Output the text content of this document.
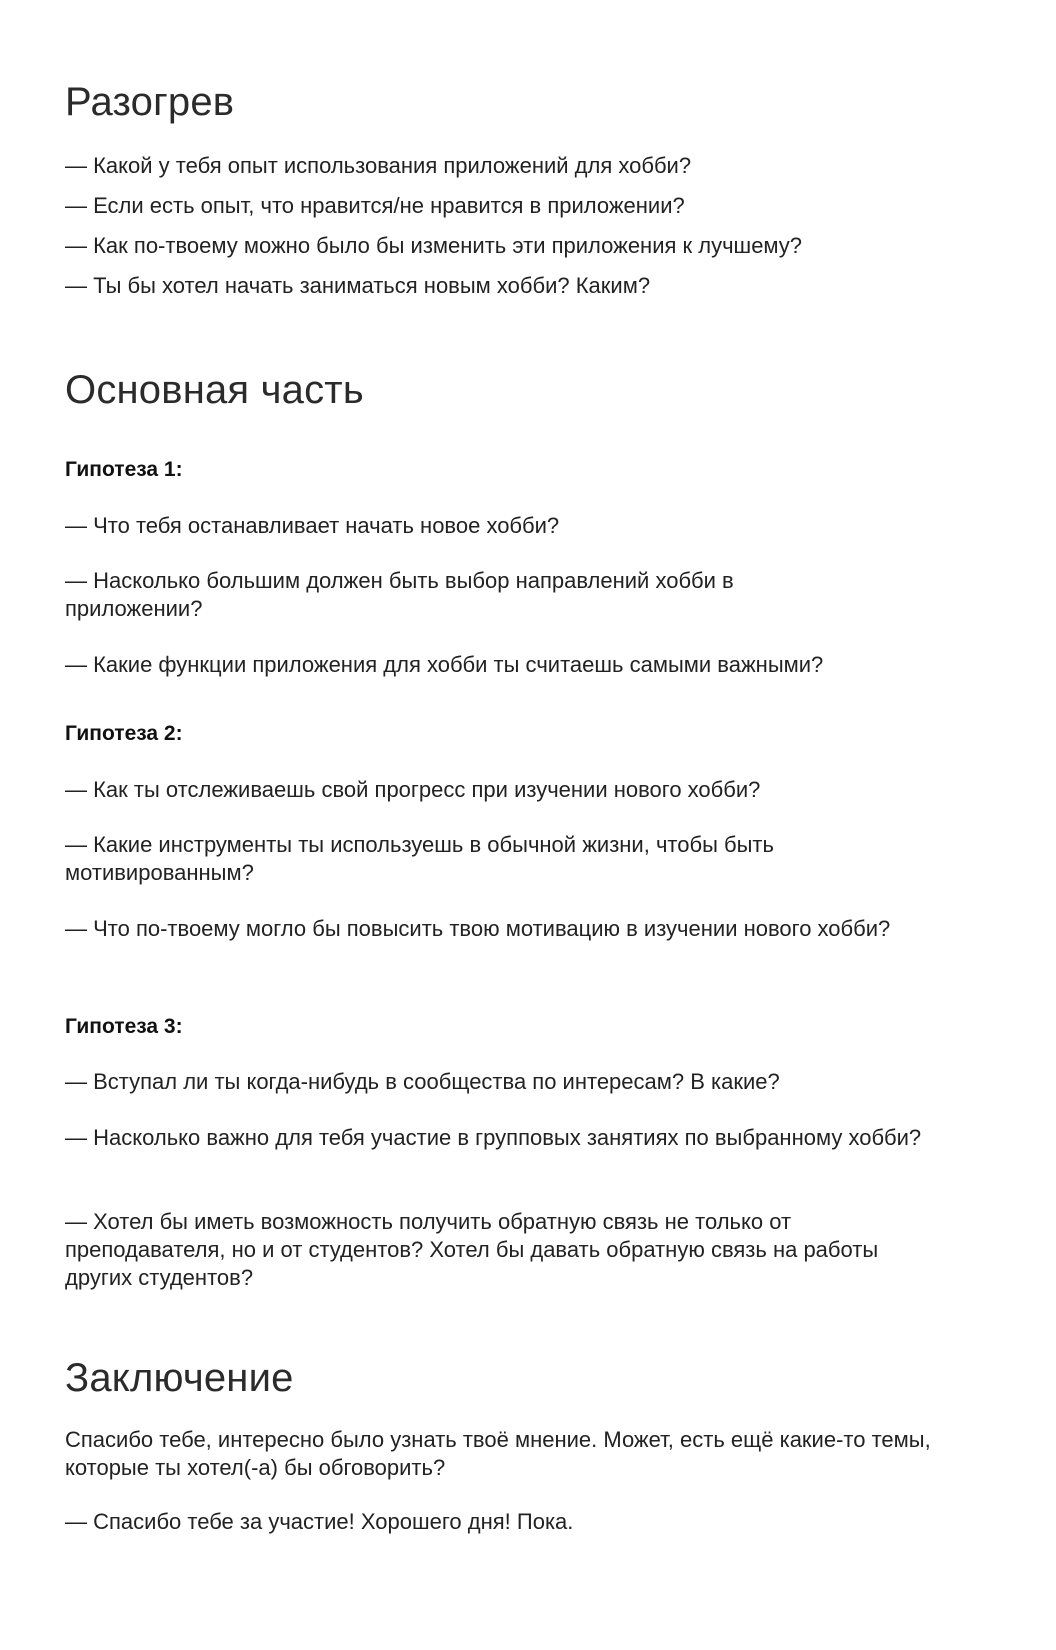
Разогрев

— Какой у тебя опыт использования приложений для хобби?

— Если есть опыт, что нравится/не нравится в приложении?

— Как по-твоему можно было бы изменить эти приложения к лучшему?

— Ты бы хотел начать заниматься новым хобби? Каким?

Основная часть
Гипотеза 1:

— Что тебя останавливает начать новое хобби?

— Насколько большим должен быть выбор направлений хобби в приложении?

— Какие функции приложения для хобби ты считаешь самыми важными?

Гипотеза 2:

— Как ты отслеживаешь свой прогресс при изучении нового хобби?

— Какие инструменты ты используешь в обычной жизни, чтобы быть мотивированным?

— Что по-твоему могло бы повысить твою мотивацию в изучении нового хобби?

Гипотеза 3:

— Вступал ли ты когда-нибудь в сообщества по интересам? В какие?

— Насколько важно для тебя участие в групповых занятиях по выбранному хобби?

— Хотел бы иметь возможность получить обратную связь не только от преподавателя, но и от студентов? Хотел бы давать обратную связь на работы других студентов?

Заключение

Спасибо тебе, интересно было узнать твоё мнение. Может, есть ещё какие-то темы, которые ты хотел(-а) бы обговорить?

— Спасибо тебе за участие! Хорошего дня! Пока.
